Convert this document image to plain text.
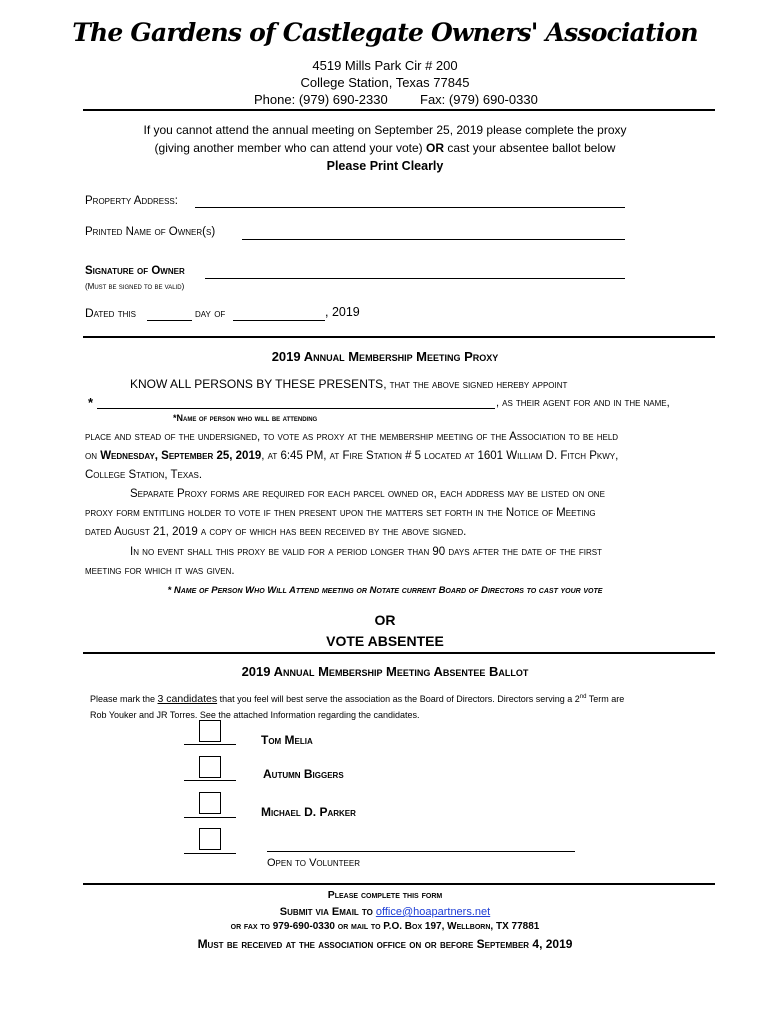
The Gardens of Castlegate Owners' Association
4519 Mills Park Cir # 200
College Station, Texas 77845
Phone: (979) 690-2330 Fax: (979) 690-0330
If you cannot attend the annual meeting on September 25, 2019 please complete the proxy
(giving another member who can attend your vote) OR cast your absentee ballot below
Please Print Clearly
Property Address:
Printed Name of Owner(s)
Signature of Owner
(Must be signed to be valid)
Dated this	day of	, 2019
2019 Annual Membership Meeting Proxy
KNOW ALL PERSONS BY THESE PRESENTS, that the above signed hereby appoint
*	, as their agent for and in the name,
*Name of person who will be attending
place and stead of the undersigned, to vote as proxy at the membership meeting of the Association to be held
on Wednesday, September 25, 2019, at 6:45 PM, at Fire Station # 5 located at 1601 William D. Fitch Pkwy,
College Station, Texas.
Separate Proxy forms are required for each parcel owned or, each address may be listed on one
proxy form entitling holder to vote if then present upon the matters set forth in the Notice of Meeting
dated August 21, 2019 a copy of which has been received by the above signed.
In no event shall this proxy be valid for a period longer than 90 days after the date of the first
meeting for which it was given.
* Name of Person Who Will Attend meeting or Notate current Board of Directors to cast your vote
OR
VOTE ABSENTEE
2019 Annual Membership Meeting Absentee Ballot
Please mark the 3 candidates that you feel will best serve the association as the Board of Directors. Directors serving a 2nd Term are
Rob Youker and JR Torres. See the attached Information regarding the candidates.
Tom Melia
Autumn Biggers
Michael D. Parker
Open to Volunteer
Please complete this form
Submit via Email to office@hoapartners.net
or fax to 979-690-0330 or mail to P.O. Box 197, Wellborn, TX 77881
Must be received at the association office on or before September 4, 2019
